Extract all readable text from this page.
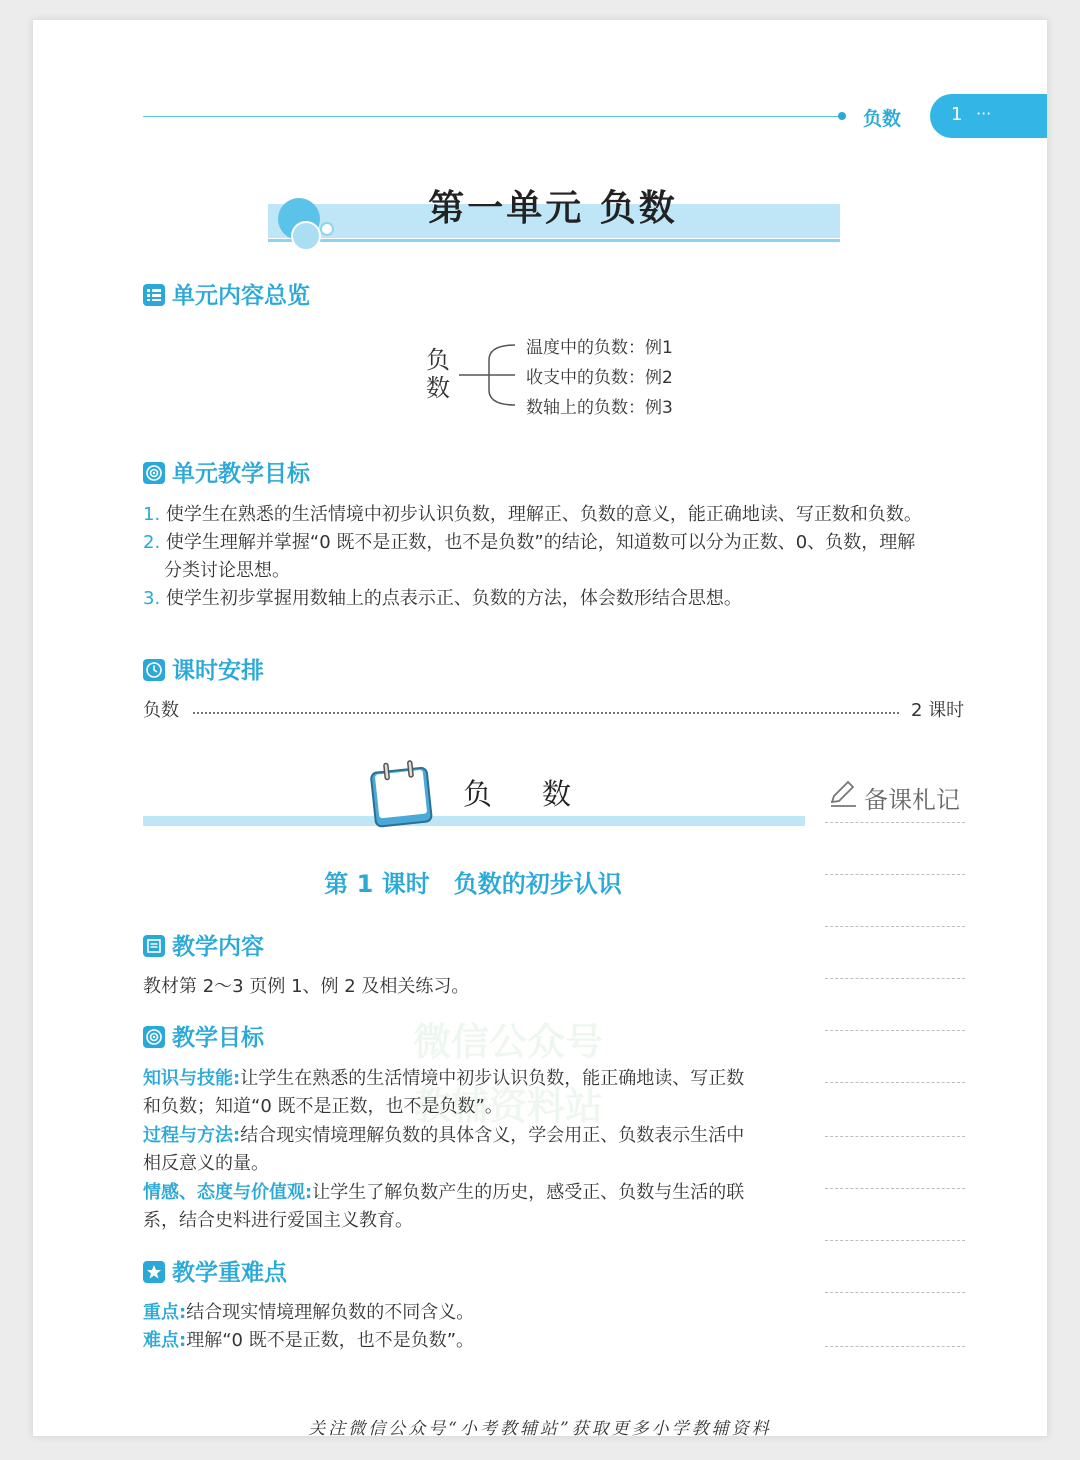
负数	1 ···
第一单元 负数
单元内容总览
负数
温度中的负数：例1
收支中的负数：例2
数轴上的负数：例3
单元教学目标
1. 使学生在熟悉的生活情境中初步认识负数，理解正、负数的意义，能正确地读、写正数和负数。
2. 使学生理解并掌握“0 既不是正数，也不是负数”的结论，知道数可以分为正数、0、负数，理解
分类讨论思想。
3. 使学生初步掌握用数轴上的点表示正、负数的方法，体会数形结合思想。
课时安排
负数	2 课时
负数	备课札记
第 1 课时　负数的初步认识
微信公众号
教辅资料站
教学内容
教材第 2～3 页例 1、例 2 及相关练习。
教学目标
知识与技能:让学生在熟悉的生活情境中初步认识负数，能正确地读、写正数
和负数；知道“0 既不是正数，也不是负数”。
过程与方法:结合现实情境理解负数的具体含义，学会用正、负数表示生活中
相反意义的量。
情感、态度与价值观:让学生了解负数产生的历史，感受正、负数与生活的联
系，结合史料进行爱国主义教育。
教学重难点
重点:结合现实情境理解负数的不同含义。
难点:理解“0 既不是正数，也不是负数”。
关注微信公众号“小考教辅站”获取更多小学教辅资料
